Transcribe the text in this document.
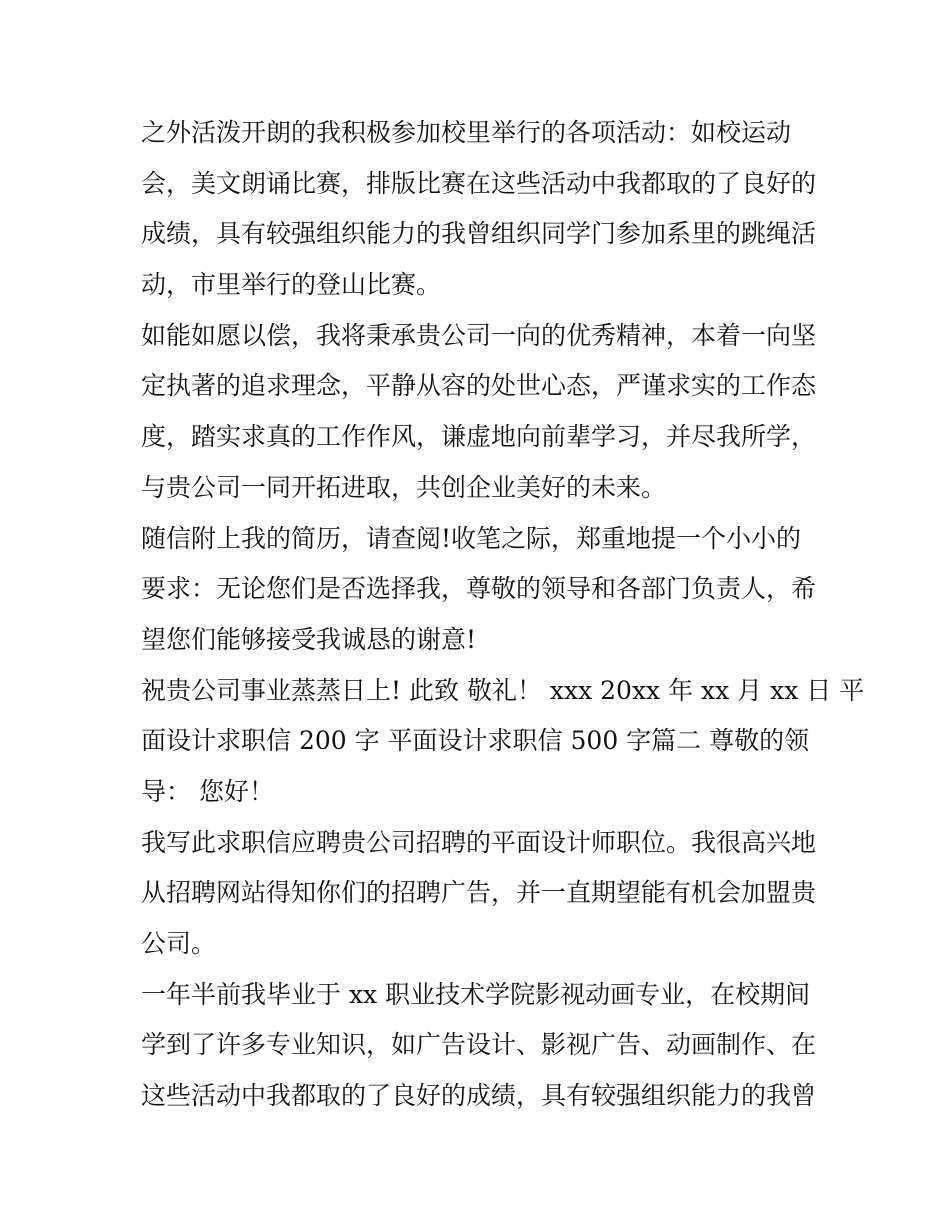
之外活泼开朗的我积极参加校里举行的各项活动：如校运动
会，美文朗诵比赛，排版比赛在这些活动中我都取的了良好的
成绩，具有较强组织能力的我曾组织同学门参加系里的跳绳活
动，市里举行的登山比赛。
如能如愿以偿，我将秉承贵公司一向的优秀精神，本着一向坚
定执著的追求理念，平静从容的处世心态，严谨求实的工作态
度，踏实求真的工作作风，谦虚地向前辈学习，并尽我所学，
与贵公司一同开拓进取，共创企业美好的未来。
随信附上我的简历，请查阅!收笔之际，郑重地提一个小小的
要求：无论您们是否选择我，尊敬的领导和各部门负责人，希
望您们能够接受我诚恳的谢意!
祝贵公司事业蒸蒸日上! 此致 敬礼！ xxx 20xx 年 xx 月 xx 日 平
面设计求职信 200 字 平面设计求职信 500 字篇二 尊敬的领
导： 您好！
我写此求职信应聘贵公司招聘的平面设计师职位。我很高兴地
从招聘网站得知你们的招聘广告，并一直期望能有机会加盟贵
公司。
一年半前我毕业于 xx 职业技术学院影视动画专业，在校期间
学到了许多专业知识，如广告设计、影视广告、动画制作、在
这些活动中我都取的了良好的成绩，具有较强组织能力的我曾
